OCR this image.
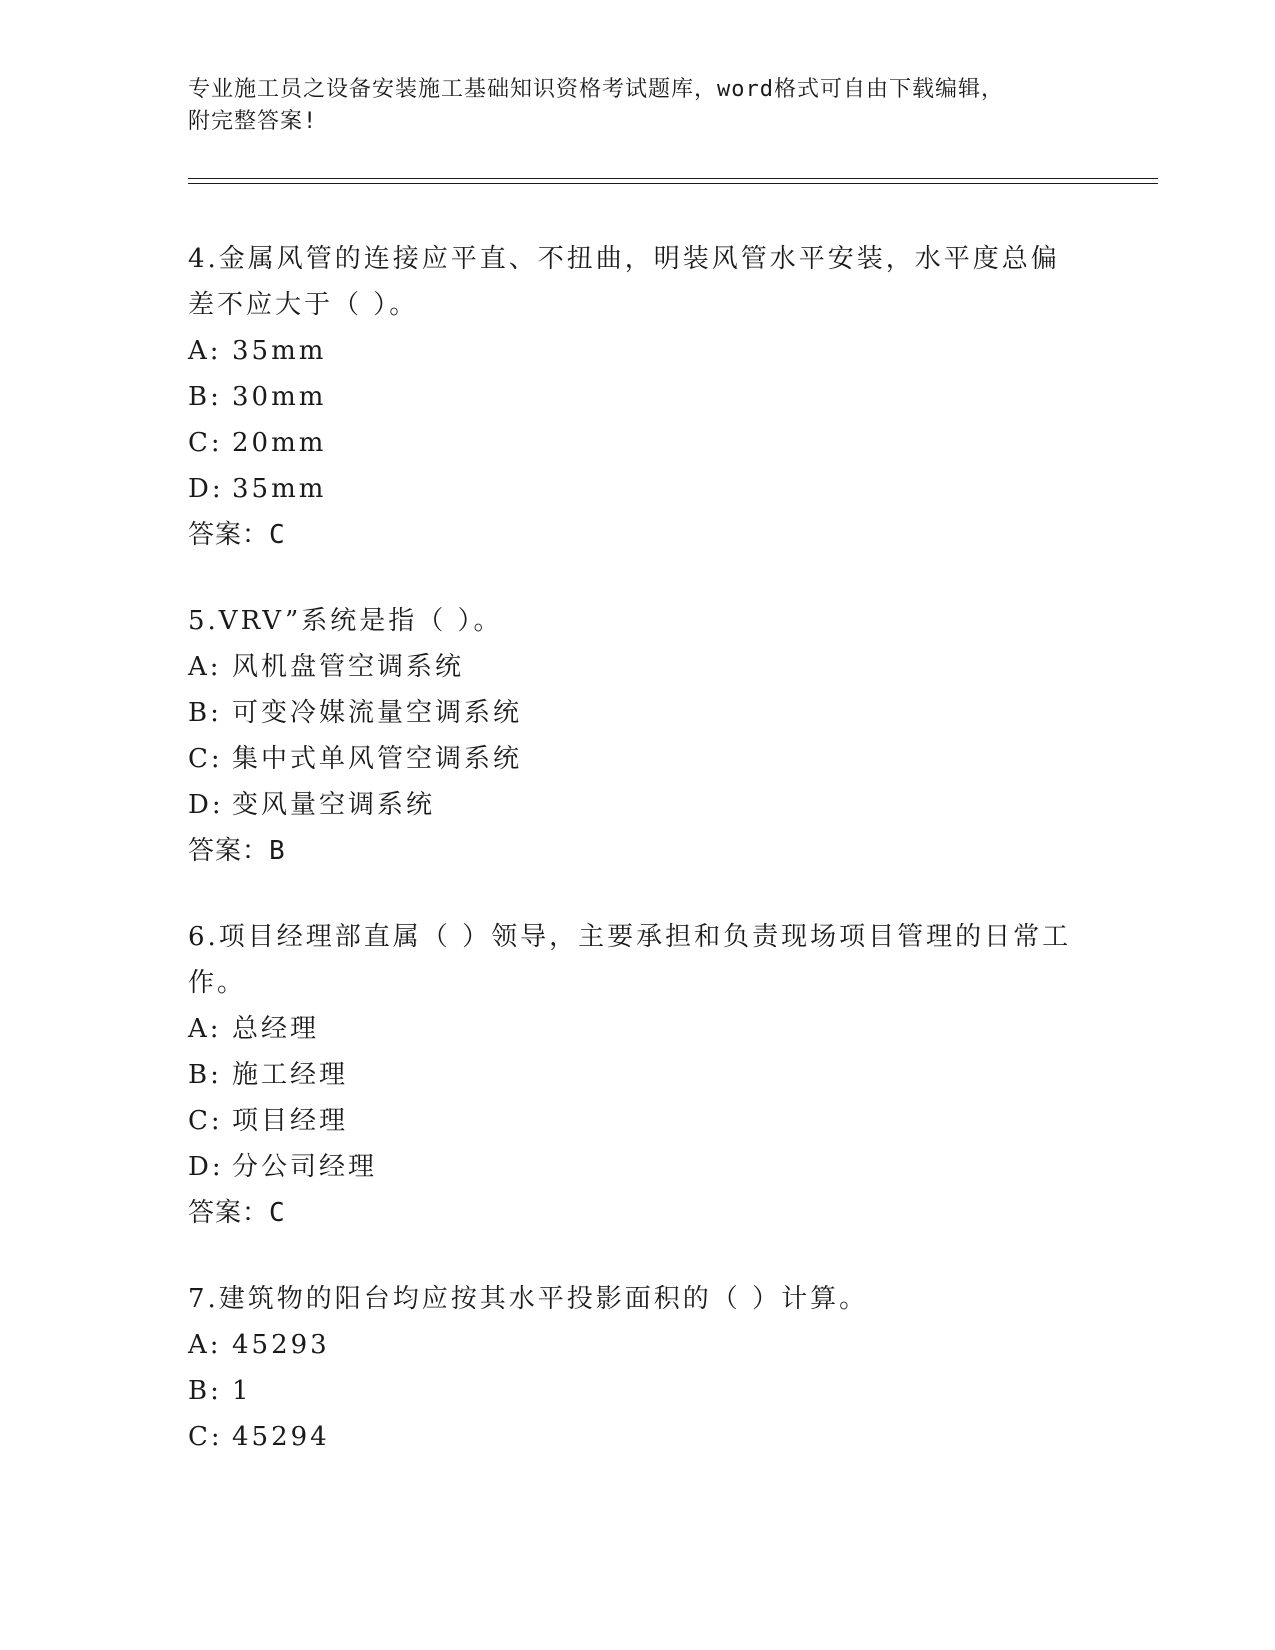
专业施工员之设备安装施工基础知识资格考试题库，word格式可自由下载编辑，
附完整答案!

4.金属风管的连接应平直、不扭曲，明装风管水平安装，水平度总偏差不应大于（ ）。

A: 35mm

B: 30mm

C: 20mm

D: 35mm

答案：C

5.VRV”系统是指（ ）。

A: 风机盘管空调系统

B: 可变冷媒流量空调系统

C: 集中式单风管空调系统

D: 变风量空调系统

答案：B

6.项目经理部直属（ ）领导，主要承担和负责现场项目管理的日常工作。

A: 总经理

B: 施工经理

C: 项目经理

D: 分公司经理

答案：C

7.建筑物的阳台均应按其水平投影面积的（ ）计算。

A: 45293

B: 1

C: 45294
